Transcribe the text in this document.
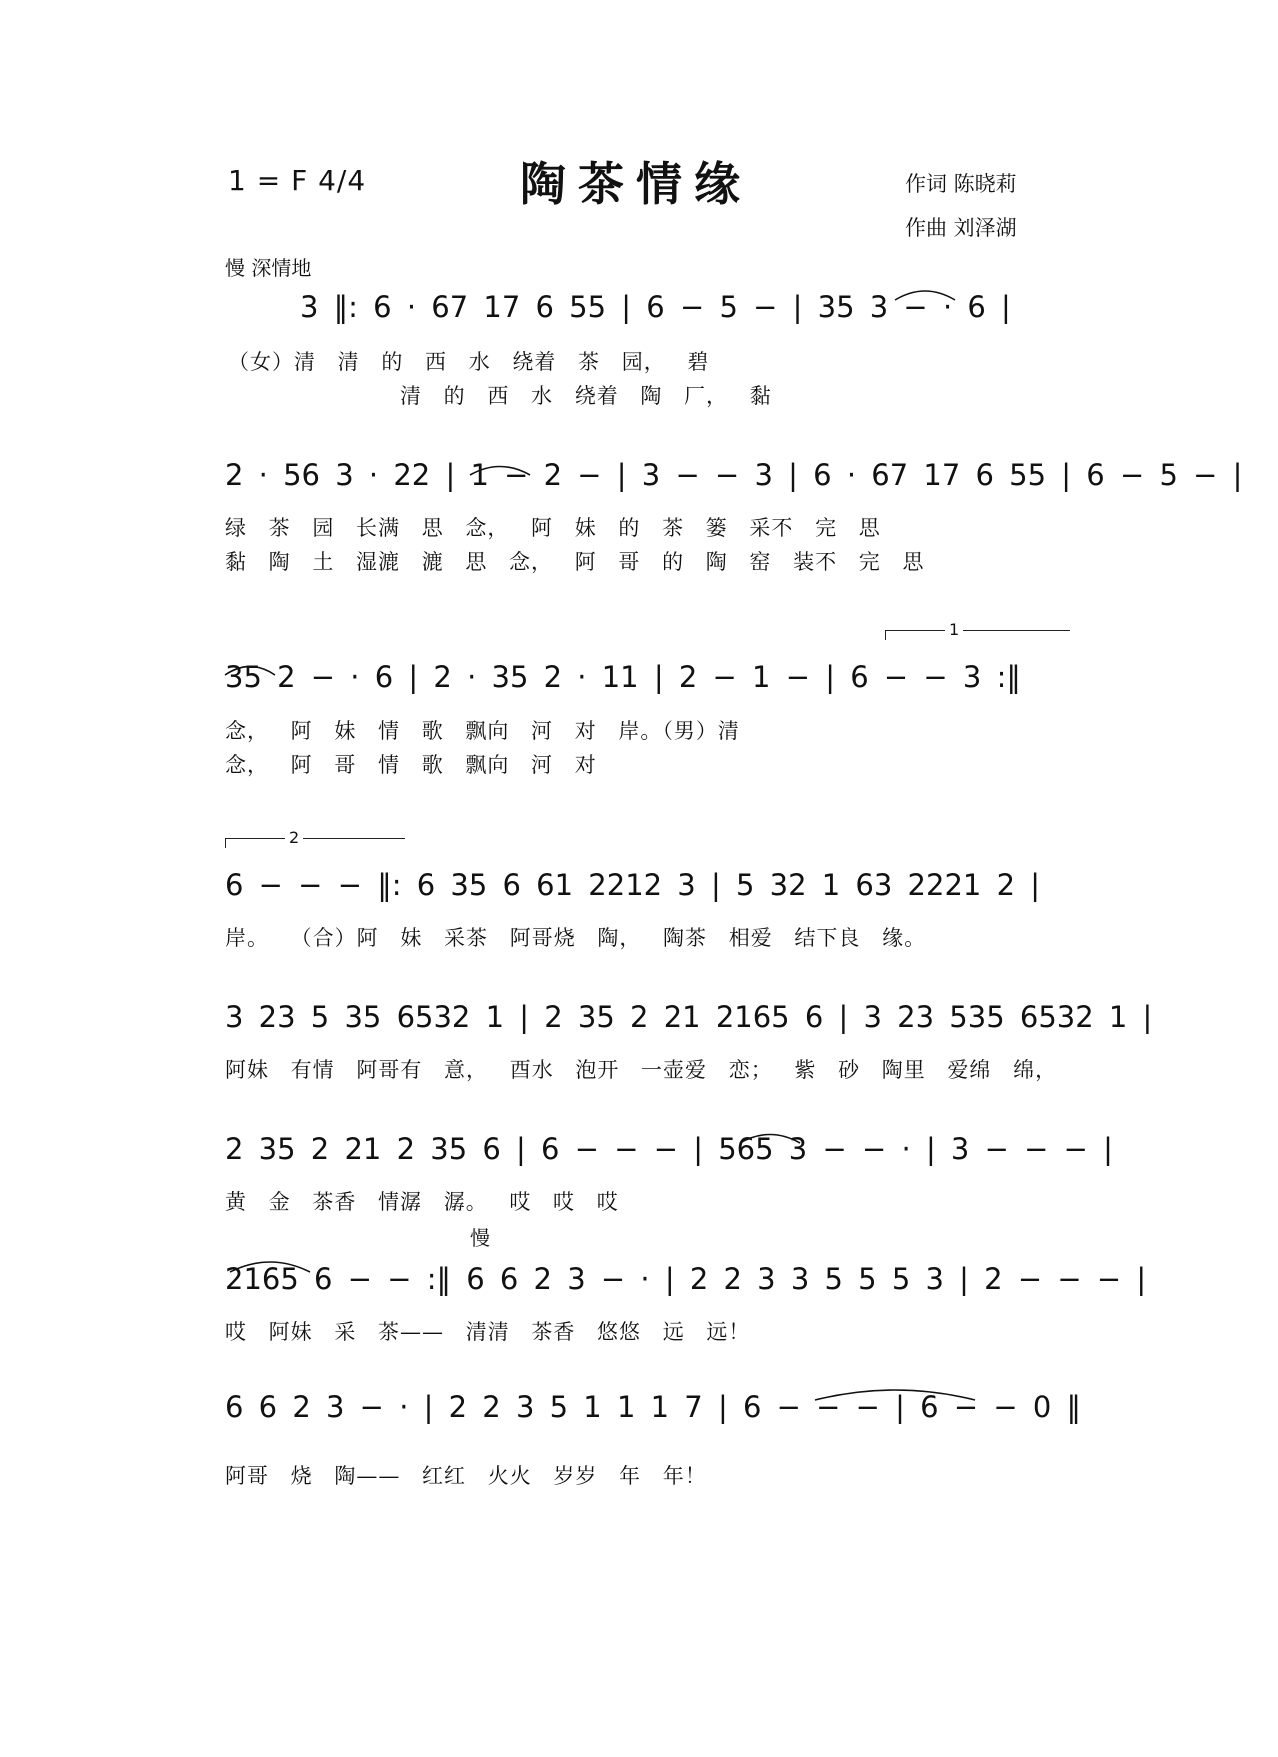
1 = F 4/4	陶茶情缘	作词 陈晓莉
作曲 刘泽湖
慢 深情地
3 ‖: 6 · 67 17 6 55 | 6 − 5 − | 35 3 − · 6 |
（女）清 清 的 西 水 绕着 茶 园， 碧
清 的 西 水 绕着 陶 厂， 黏
2 · 56 3 · 22 | 1 − 2 − | 3 − − 3 | 6 · 67 17 6 55 | 6 − 5 − |
绿 茶 园 长满 思 念， 阿 妹 的 茶 篓 采不 完 思
黏 陶 土 湿漉 漉 思 念， 阿 哥 的 陶 窑 装不 完 思
1
35 2 − · 6 | 2 · 35 2 · 11 | 2 − 1 − | 6 − − 3 :‖
念， 阿 妹 情 歌 飘向 河 对 岸。（男）清
念， 阿 哥 情 歌 飘向 河 对
2
6 − − − ‖: 6 35 6 61 2212 3 | 5 32 1 63 2221 2 |
岸。 （合）阿 妹 采茶 阿哥烧 陶， 陶茶 相爱 结下良 缘。
3 23 5 35 6532 1 | 2 35 2 21 2165 6 | 3 23 535 6532 1 |
阿妹 有情 阿哥有 意， 酉水 泡开 一壶爱 恋； 紫 砂 陶里 爱绵 绵，
2 35 2 21 2 35 6 | 6 − − − | 565 3 − − · | 3 − − − |
黄 金 茶香 情潺 潺。 哎 哎 哎
慢
2165 6 − − :‖ 6 6 2 3 − · | 2 2 3 3 5 5 5 3 | 2 − − − |
哎 阿妹 采 茶—— 清清 茶香 悠悠 远 远！
6 6 2 3 − · | 2 2 3 5 1 1 1 7 | 6 − − − | 6 − − 0 ‖
阿哥 烧 陶—— 红红 火火 岁岁 年 年！
